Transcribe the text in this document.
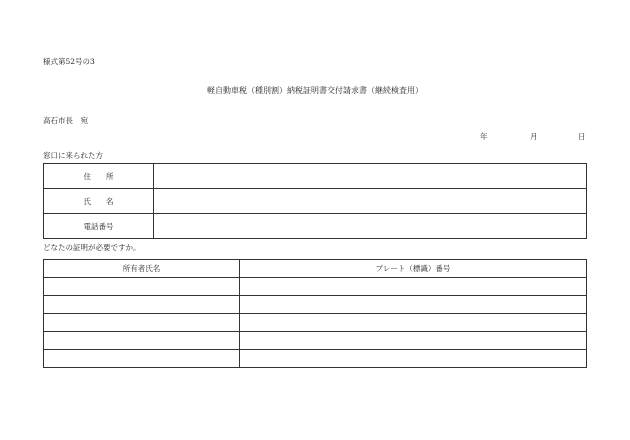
様式第52号の3
軽自動車税（種別割）納税証明書交付請求書（継続検査用）
高石市長　宛
年	月	日
窓口に来られた方
住　　所	
氏　　名	
電話番号	
どなたの証明が必要ですか。
所有者氏名	プレート（標識）番号
